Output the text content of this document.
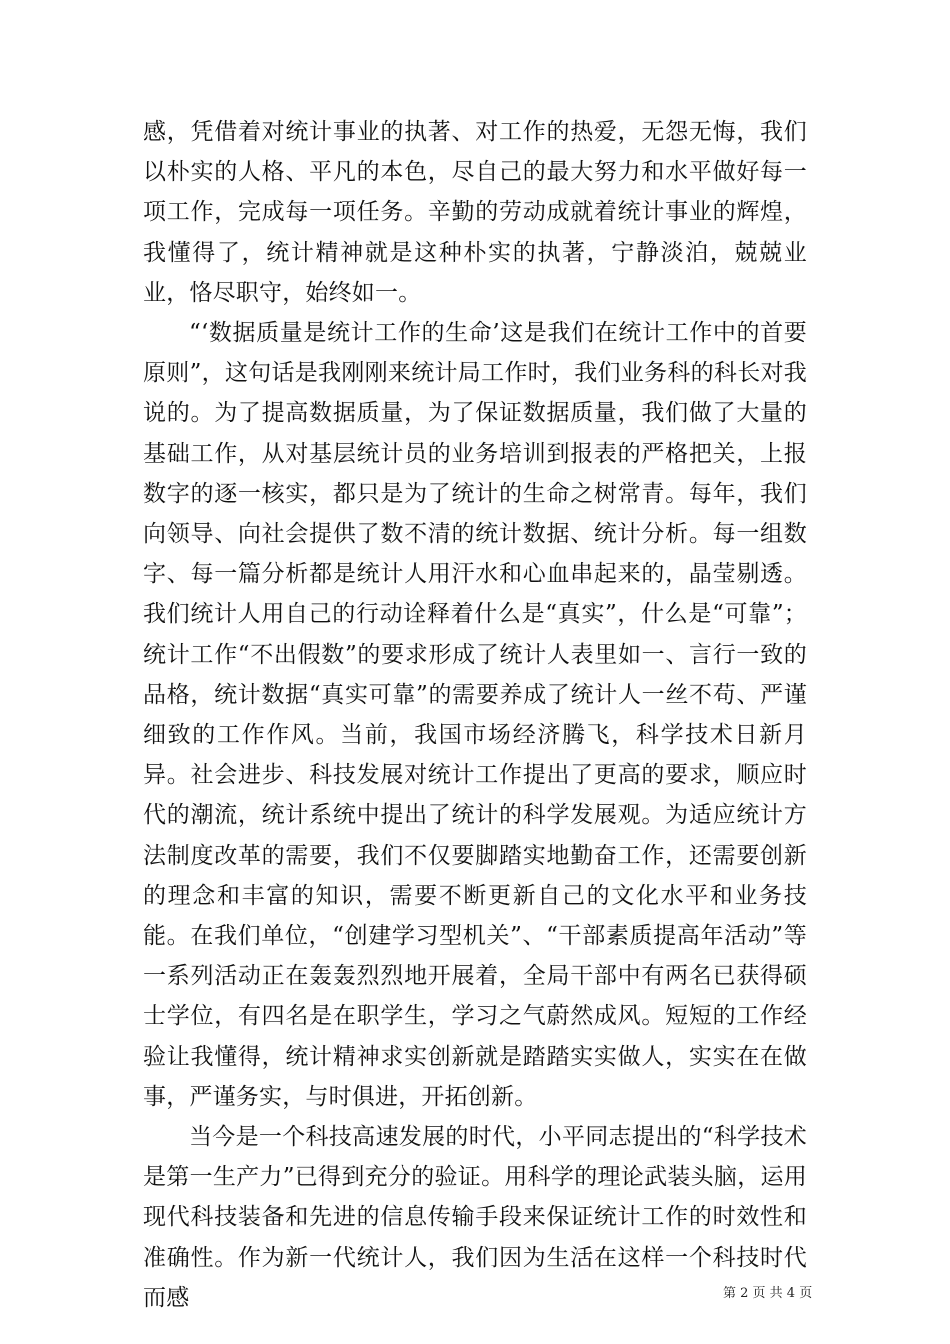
感，凭借着对统计事业的执著、对工作的热爱，无怨无悔，我们以朴实的人格、平凡的本色，尽自己的最大努力和水平做好每一项工作，完成每一项任务。辛勤的劳动成就着统计事业的辉煌，我懂得了，统计精神就是这种朴实的执著，宁静淡泊，兢兢业业，恪尽职守，始终如一。

“‘数据质量是统计工作的生命’这是我们在统计工作中的首要原则”，这句话是我刚刚来统计局工作时，我们业务科的科长对我说的。为了提高数据质量，为了保证数据质量，我们做了大量的基础工作，从对基层统计员的业务培训到报表的严格把关，上报数字的逐一核实，都只是为了统计的生命之树常青。每年，我们向领导、向社会提供了数不清的统计数据、统计分析。每一组数字、每一篇分析都是统计人用汗水和心血串起来的，晶莹剔透。我们统计人用自己的行动诠释着什么是“真实”，什么是“可靠”；统计工作“不出假数”的要求形成了统计人表里如一、言行一致的品格，统计数据“真实可靠”的需要养成了统计人一丝不苟、严谨细致的工作作风。当前，我国市场经济腾飞，科学技术日新月异。社会进步、科技发展对统计工作提出了更高的要求，顺应时代的潮流，统计系统中提出了统计的科学发展观。为适应统计方法制度改革的需要，我们不仅要脚踏实地勤奋工作，还需要创新的理念和丰富的知识，需要不断更新自己的文化水平和业务技能。在我们单位，“创建学习型机关”、“干部素质提高年活动”等一系列活动正在轰轰烈烈地开展着，全局干部中有两名已获得硕士学位，有四名是在职学生，学习之气蔚然成风。短短的工作经验让我懂得，统计精神求实创新就是踏踏实实做人，实实在在做事，严谨务实，与时俱进，开拓创新。

当今是一个科技高速发展的时代，小平同志提出的“科学技术是第一生产力”已得到充分的验证。用科学的理论武装头脑，运用现代科技装备和先进的信息传输手段来保证统计工作的时效性和准确性。作为新一代统计人，我们因为生活在这样一个科技时代而感	第 2 页 共 4 页
